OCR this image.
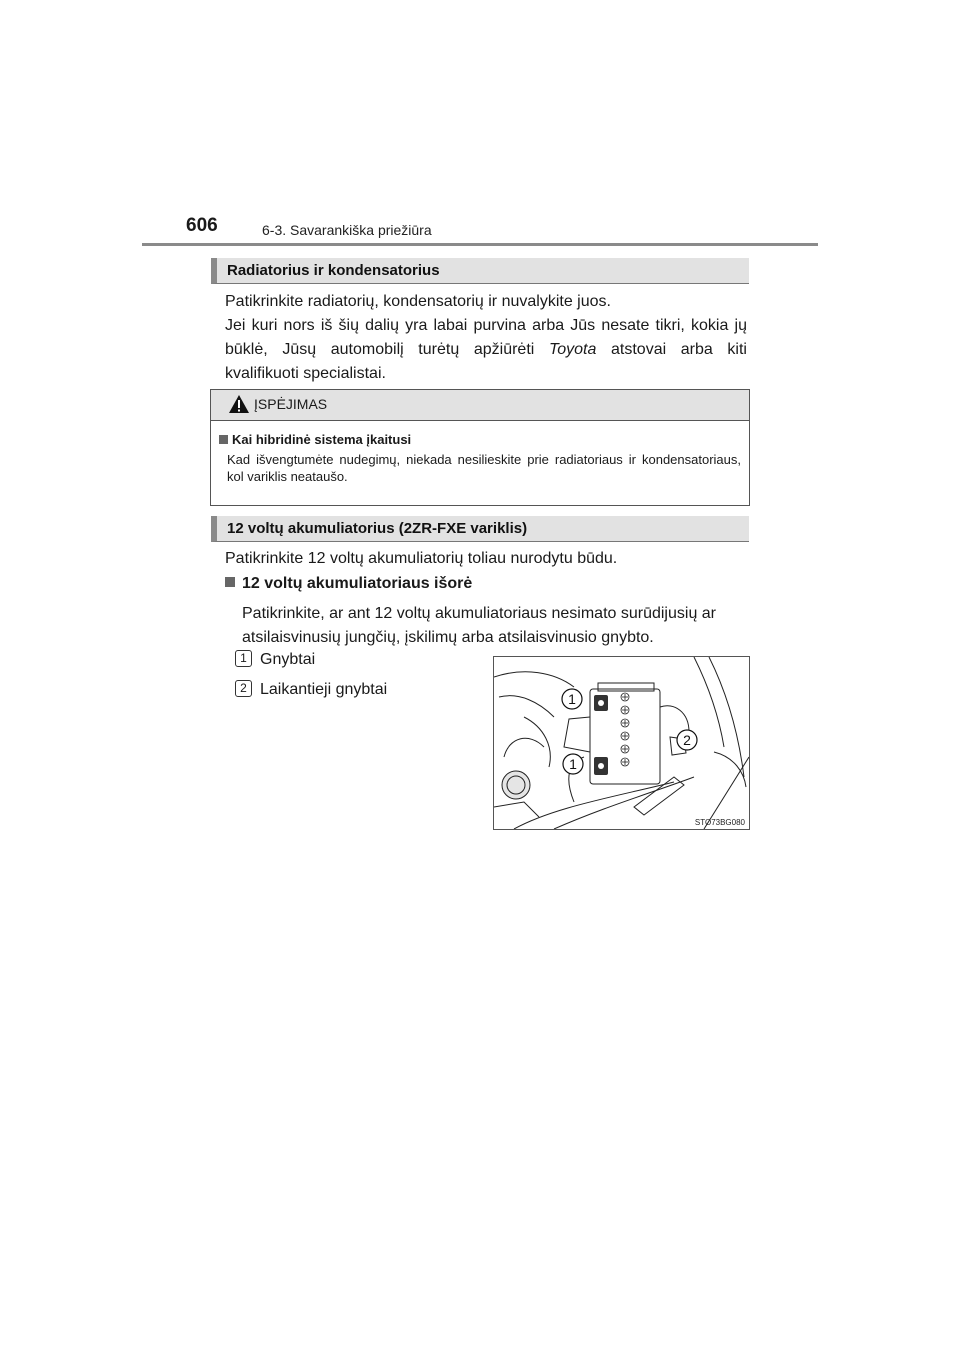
606	6-3. Savarankiška priežiūra
Radiatorius ir kondensatorius
Patikrinkite radiatorių, kondensatorių ir nuvalykite juos.
Jei kuri nors iš šių dalių yra labai purvina arba Jūs nesate tikri, kokia jų
būklė, Jūsų automobilį turėtų apžiūrėti Toyota atstovai arba kiti
kvalifikuoti specialistai.
ĮSPĖJIMAS
Kai hibridinė sistema įkaitusi
Kad išvengtumėte nudegimų, niekada nesilieskite prie radiatoriaus ir kondensatoriaus, kol variklis neataušo.
12 voltų akumuliatorius (2ZR-FXE variklis)
Patikrinkite 12 voltų akumuliatorių toliau nurodytu būdu.
12 voltų akumuliatoriaus išorė
Patikrinkite, ar ant 12 voltų akumuliatoriaus nesimato surūdijusių ar atsilaisvinusių jungčių, įskilimų arba atsilaisvinusio gnybto.
1 Gnybtai
2 Laikantieji gnybtai
1
2
1
STO73BG080
